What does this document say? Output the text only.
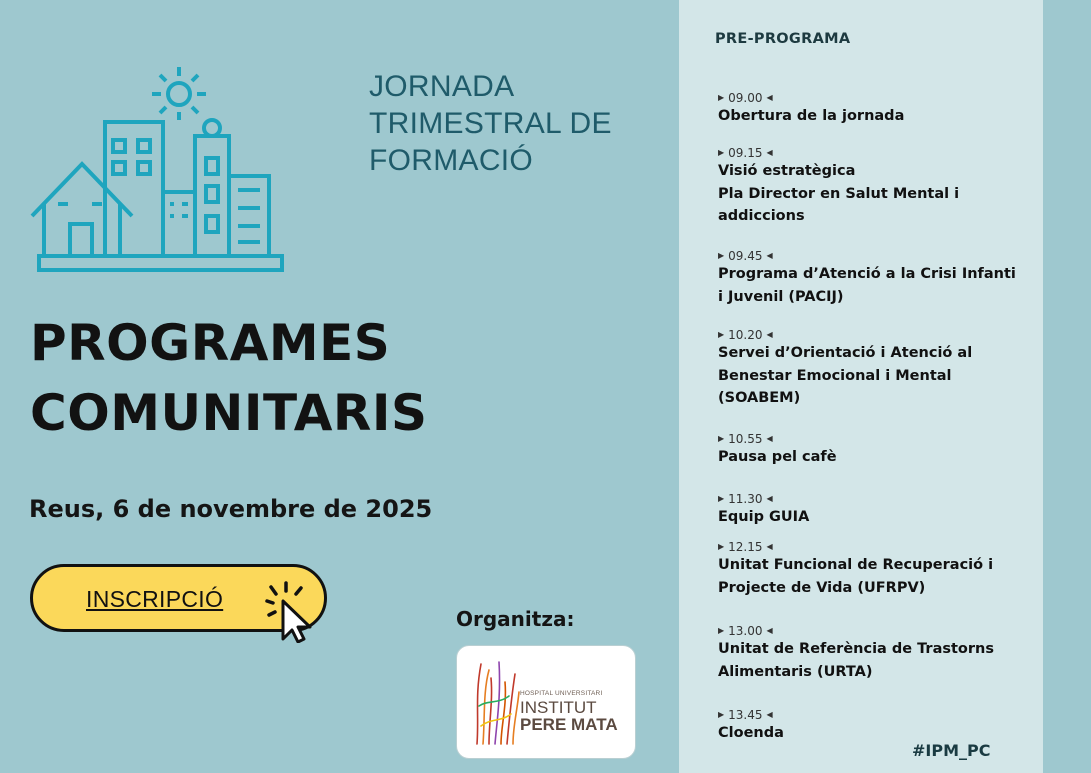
JORNADA
TRIMESTRAL DE
FORMACIÓ
PROGRAMES
COMUNITARIS
Reus, 6 de novembre de 2025
INSCRIPCIÓ
Organitza:
HOSPITAL UNIVERSITARI
INSTITUT
PERE MATA
PRE-PROGRAMA
▶ 09.00 ◀
Obertura de la jornada
▶ 09.15 ◀
Visió estratègica
Pla Director en Salut Mental i addiccions
▶ 09.45 ◀
Programa d’Atenció a la Crisi Infanti i Juvenil (PACIJ)
▶ 10.20 ◀
Servei d’Orientació i Atenció al Benestar Emocional i Mental (SOABEM)
▶ 10.55 ◀
Pausa pel cafè
▶ 11.30 ◀
Equip GUIA
▶ 12.15 ◀
Unitat Funcional de Recuperació i Projecte de Vida (UFRPV)
▶ 13.00 ◀
Unitat de Referència de Trastorns Alimentaris (URTA)
▶ 13.45 ◀
Cloenda
#IPM_PC
